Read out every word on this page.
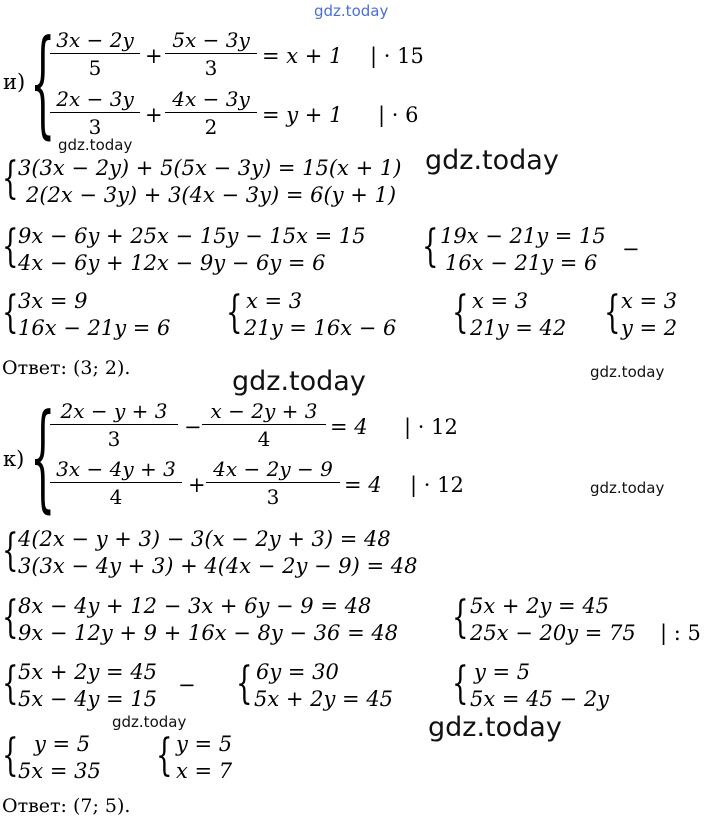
gdz.today
gdz.today	gdz.today
gdz.today	gdz.today
gdz.today
gdz.today	gdz.today
и) {
$\frac{3x - 2y}{5} + \frac{5x - 3y}{3} = x + 1$ | · 15
$\frac{2x - 3y}{3} + \frac{4x - 3y}{2} = y + 1$ | · 6
{ 3(3x − 2y) + 5(5x − 3y) = 15(x + 1)
2(2x − 3y) + 3(4x − 3y) = 6(y + 1)
{ 9x − 6y + 25x − 15y − 15x = 15
4x − 6y + 12x − 9y − 6y = 6	{ 19x − 21y = 15
16x − 21y = 6
−
{ 3x = 9
16x − 21y = 6 { x = 3
21y = 16x − 6 { x = 3
21y = 42 { x = 3
y = 2
Ответ: (3; 2).
к) {
$\frac{2x - y + 3}{3} - \frac{x - 2y + 3}{4} = 4$ | · 12
$\frac{3x - 4y + 3}{4} + \frac{4x - 2y - 9}{3} = 4$ | · 12
{ 4(2x − y + 3) − 3(x − 2y + 3) = 48
3(3x − 4y + 3) + 4(4x − 2y − 9) = 48
{ 8x − 4y + 12 − 3x + 6y − 9 = 48
9x − 12y + 9 + 16x − 8y − 36 = 48 { 5x + 2y = 45
25x − 20y = 75 | : 5
{ 5x + 2y = 45
5x − 4y = 15
− { 6y = 30
5x + 2y = 45 { y = 5
5x = 45 − 2y
{ y = 5
5x = 35 { y = 5
x = 7
Ответ: (7; 5).
